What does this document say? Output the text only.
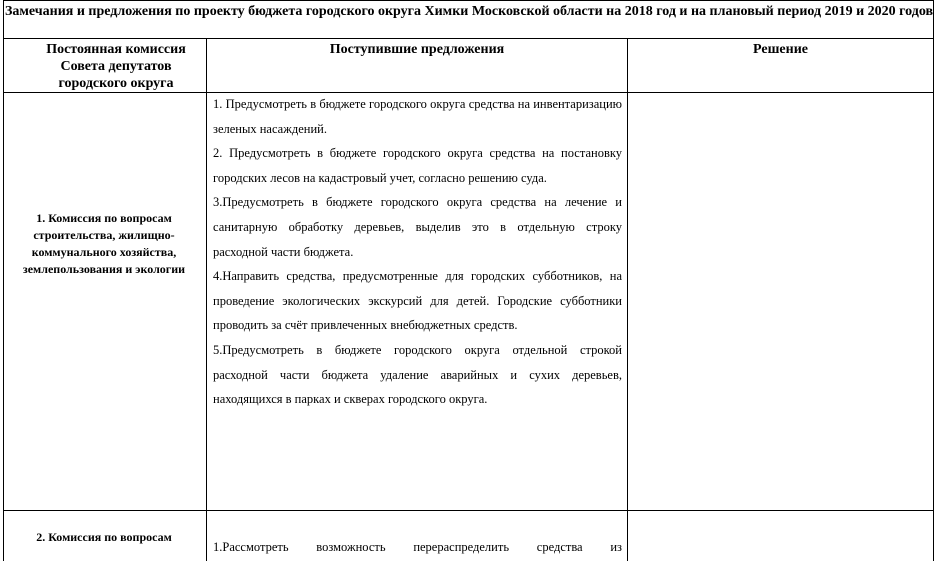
Замечания и предложения по проекту бюджета городского округа Химки Московской области на 2018 год и на плановый период 2019 и 2020 годов
Постоянная комиссия Совета депутатов городского округа
Поступившие предложения	Решение
1. Комиссия по вопросам строительства, жилищно-коммунального хозяйства, землепользования и экологии

1. Предусмотреть в бюджете городского округа средства на инвентаризацию зеленых насаждений.

2. Предусмотреть в бюджете городского округа средства на постановку городских лесов на кадастровый учет, согласно решению суда.

3.Предусмотреть в бюджете городского округа средства на лечение и санитарную обработку деревьев, выделив это в отдельную строку расходной части бюджета.

4.Направить средства, предусмотренные для городских субботников, на проведение экологических экскурсий для детей. Городские субботники проводить за счёт привлеченных внебюджетных средств.

5.Предусмотреть в бюджете городского округа отдельной строкой расходной части бюджета удаление аварийных и сухих деревьев, находящихся в парках и скверах городского округа.

2. Комиссия по вопросам
1.Рассмотреть возможность перераспределить средства из
